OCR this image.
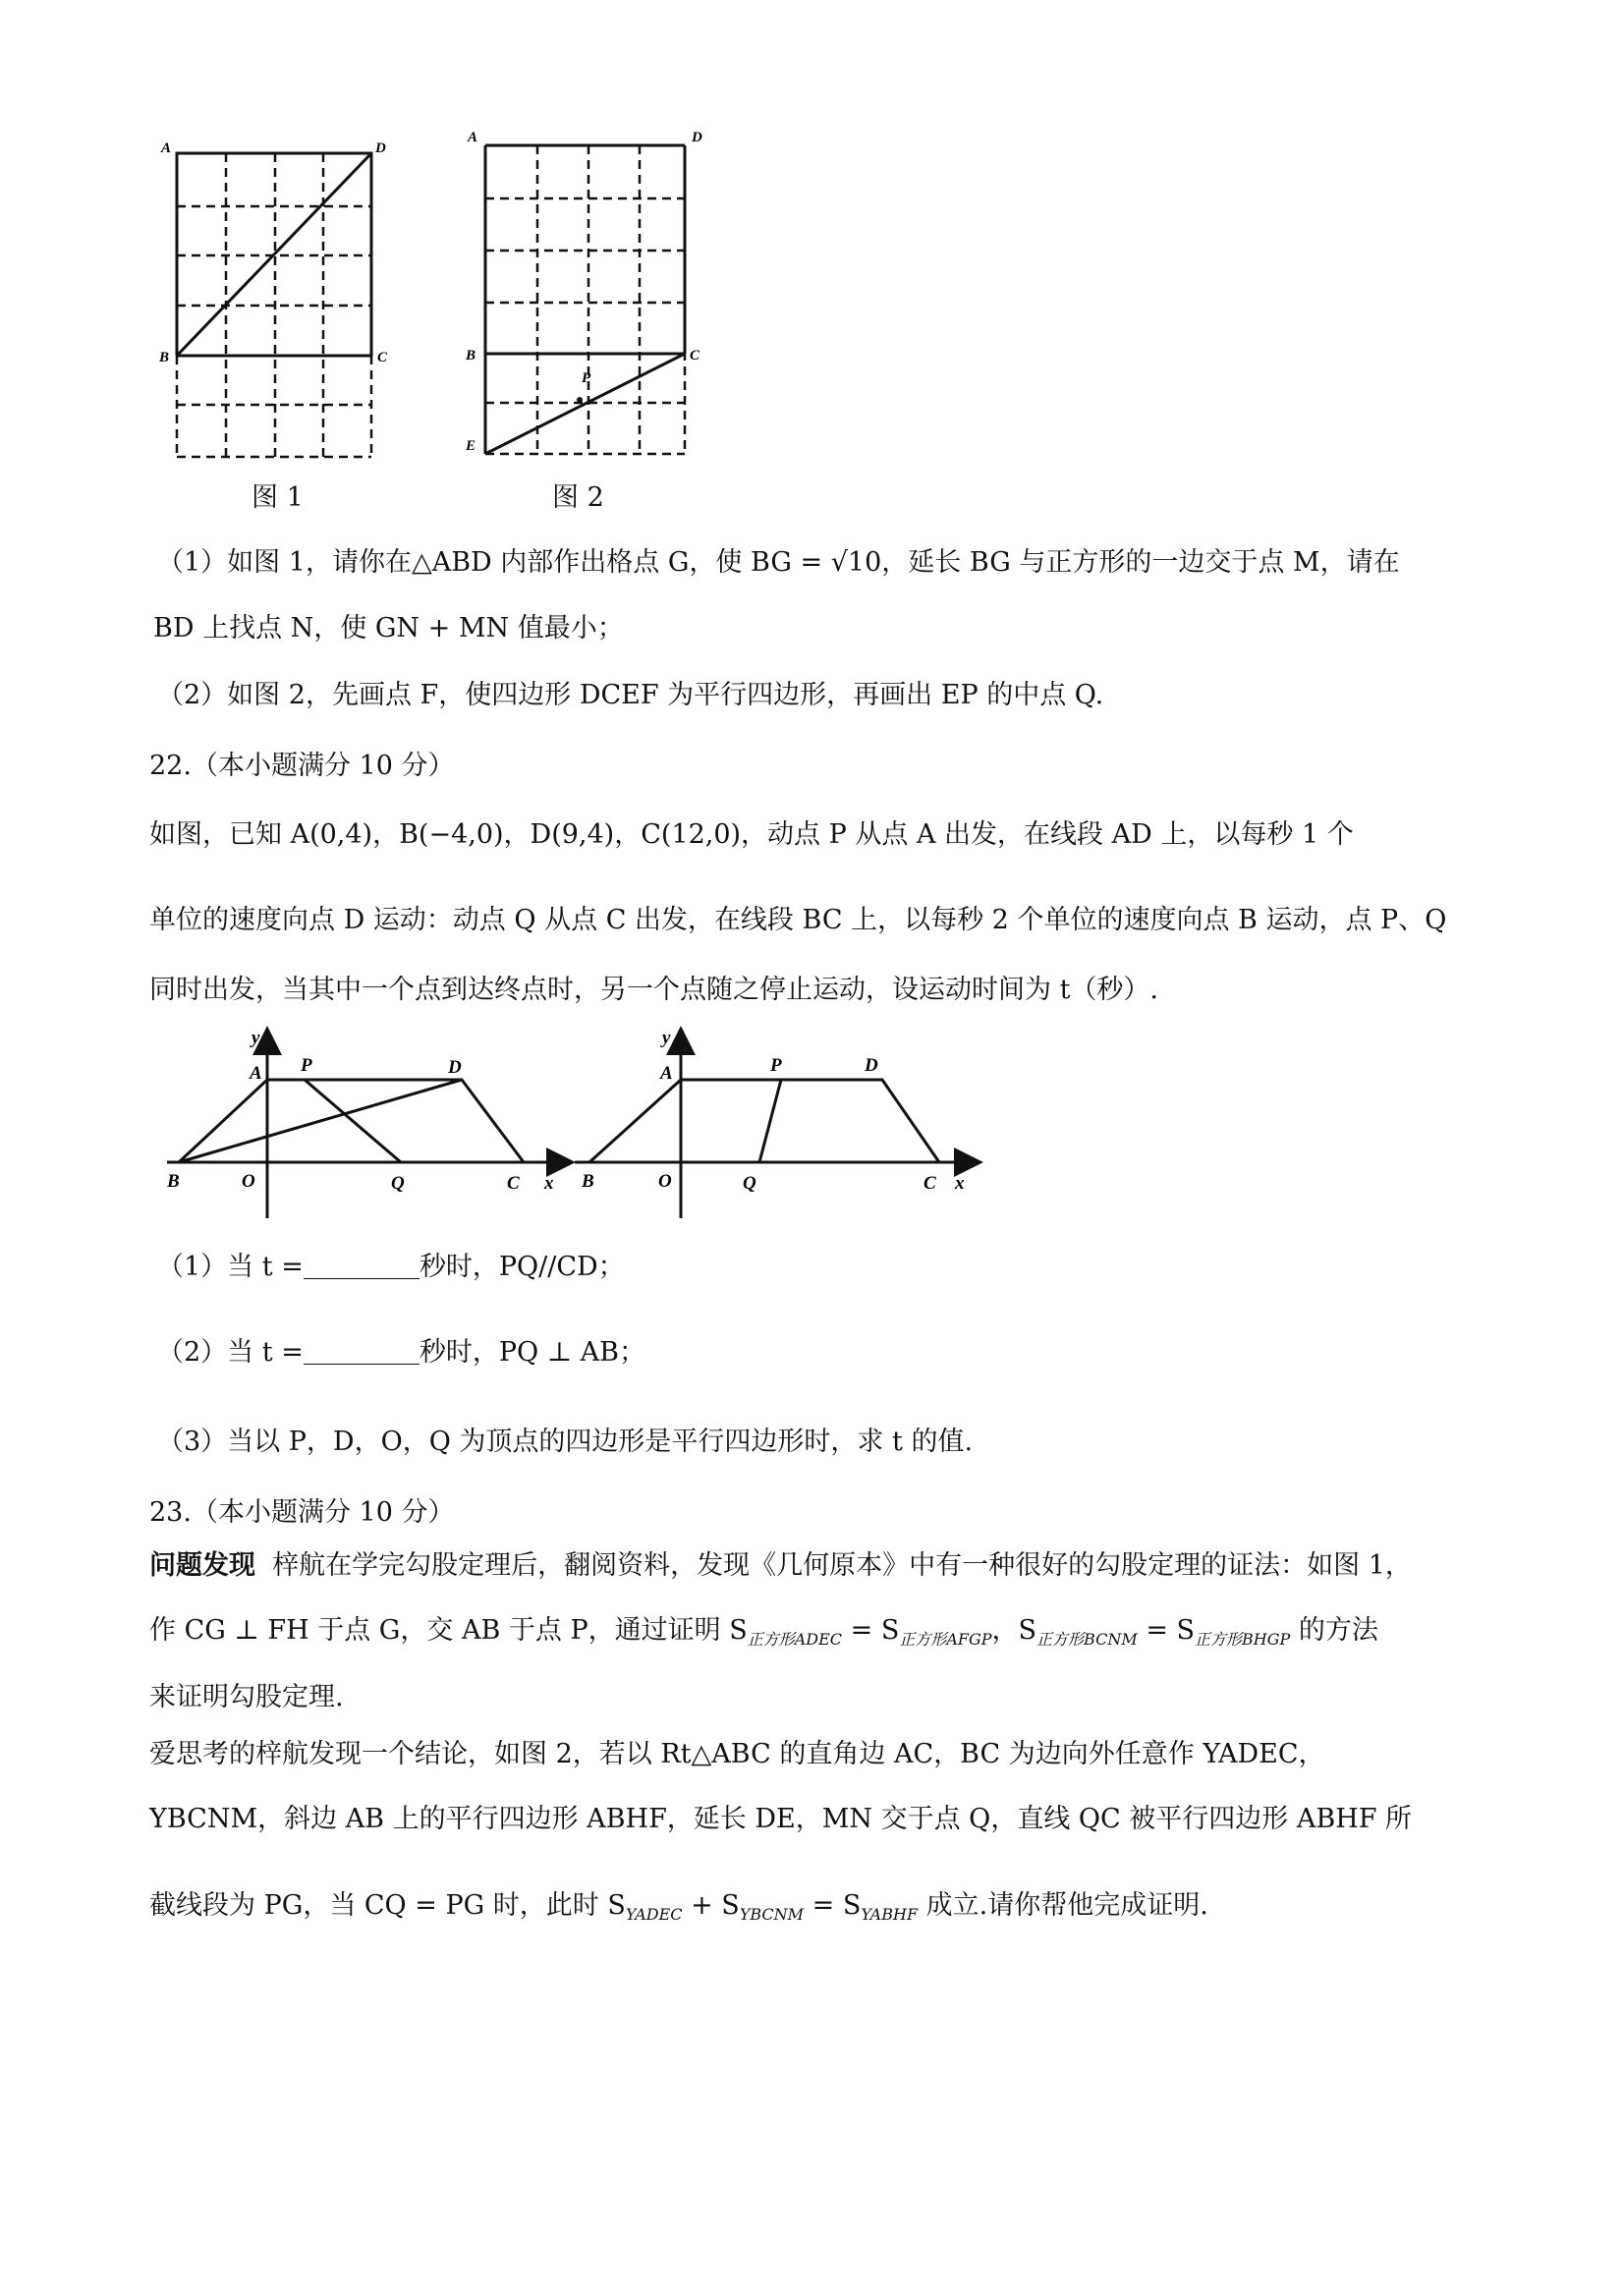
A	D
B	C
图 1
A	D
B	C
E
P
图 2
（1）如图 1，请你在△ABD 内部作出格点 G，使 BG = √10，延长 BG 与正方形的一边交于点 M，请在
BD 上找点 N，使 GN + MN 值最小；
（2）如图 2，先画点 F，使四边形 DCEF 为平行四边形，再画出 EP 的中点 Q.
22.（本小题满分 10 分）
如图，已知 A(0,4)，B(−4,0)，D(9,4)，C(12,0)，动点 P 从点 A 出发，在线段 AD 上，以每秒 1 个
单位的速度向点 D 运动：动点 Q 从点 C 出发，在线段 BC 上，以每秒 2 个单位的速度向点 B 运动，点 P、Q
同时出发，当其中一个点到达终点时，另一个点随之停止运动，设运动时间为 t（秒）.
y
A P	D
B	O	Q	C x
y
A	P	D
B	O	Q	C x
（1）当 t =	秒时，PQ//CD；
（2）当 t =	秒时，PQ ⊥ AB；
（3）当以 P，D，O，Q 为顶点的四边形是平行四边形时，求 t 的值.
23.（本小题满分 10 分）
问题发现 梓航在学完勾股定理后，翻阅资料，发现《几何原本》中有一种很好的勾股定理的证法：如图 1，
作 CG ⊥ FH 于点 G，交 AB 于点 P，通过证明 $S_{正方形ADEC} = S_{正方形AFGP}$，$S_{正方形BCNM} = S_{正方形BHGP}$ 的方法
来证明勾股定理.
爱思考的梓航发现一个结论，如图 2，若以 Rt△ABC 的直角边 AC，BC 为边向外任意作 YADEC，
YBCNM，斜边 AB 上的平行四边形 ABHF，延长 DE，MN 交于点 Q，直线 QC 被平行四边形 ABHF 所
截线段为 PG，当 CQ = PG 时，此时 $S_{YADEC} + S_{YBCNM} = S_{YABHF}$ 成立.请你帮他完成证明.
